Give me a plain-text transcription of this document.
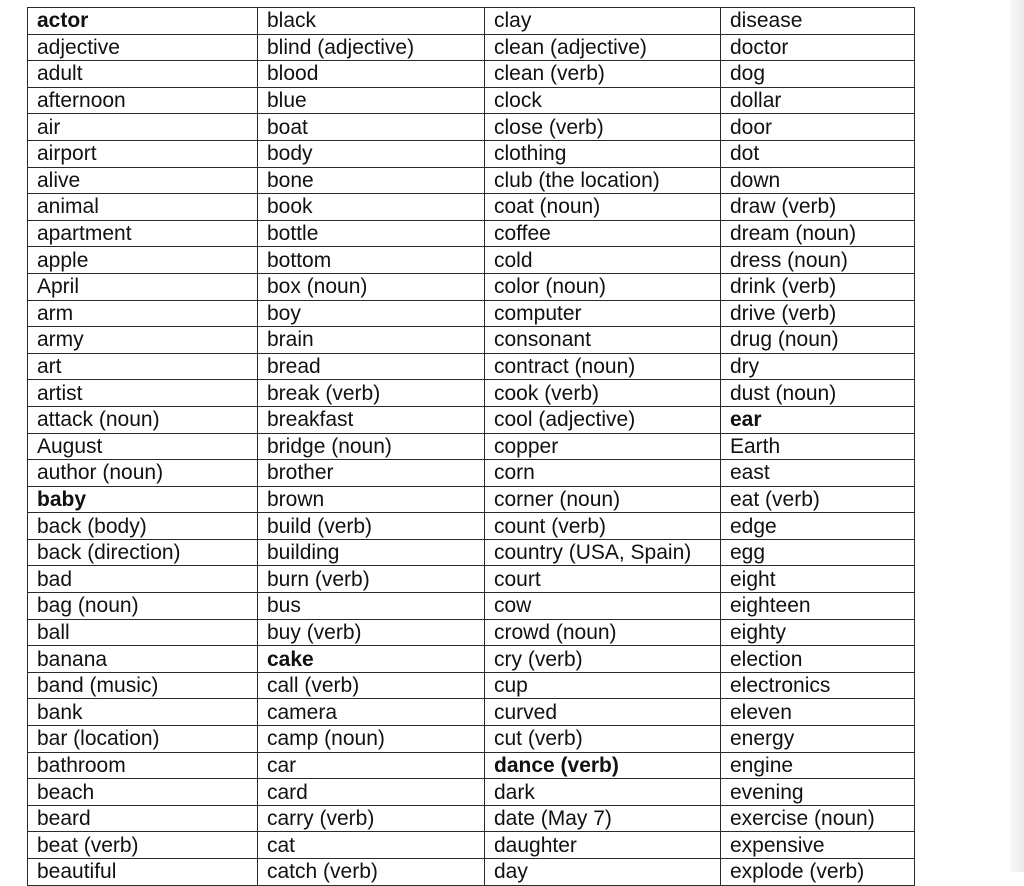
actor	black	clay	disease
adjective	blind (adjective)	clean (adjective)	doctor
adult	blood	clean (verb)	dog
afternoon	blue	clock	dollar
air	boat	close (verb)	door
airport	body	clothing	dot
alive	bone	club (the location)	down
animal	book	coat (noun)	draw (verb)
apartment	bottle	coffee	dream (noun)
apple	bottom	cold	dress (noun)
April	box (noun)	color (noun)	drink (verb)
arm	boy	computer	drive (verb)
army	brain	consonant	drug (noun)
art	bread	contract (noun)	dry
artist	break (verb)	cook (verb)	dust (noun)
attack (noun)	breakfast	cool (adjective)	ear
August	bridge (noun)	copper	Earth
author (noun)	brother	corn	east
baby	brown	corner (noun)	eat (verb)
back (body)	build (verb)	count (verb)	edge
back (direction)	building	country (USA, Spain)	egg
bad	burn (verb)	court	eight
bag (noun)	bus	cow	eighteen
ball	buy (verb)	crowd (noun)	eighty
banana	cake	cry (verb)	election
band (music)	call (verb)	cup	electronics
bank	camera	curved	eleven
bar (location)	camp (noun)	cut (verb)	energy
bathroom	car	dance (verb)	engine
beach	card	dark	evening
beard	carry (verb)	date (May 7)	exercise (noun)
beat (verb)	cat	daughter	expensive
beautiful	catch (verb)	day	explode (verb)
